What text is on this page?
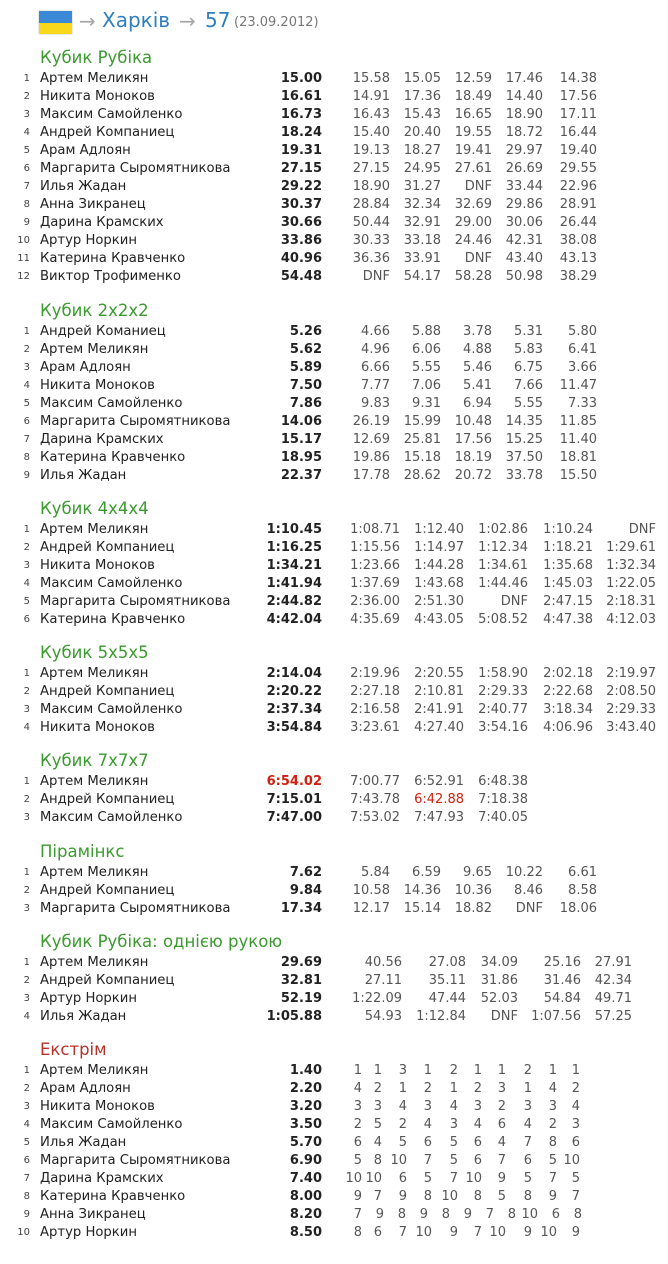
→ Харків → 57 (23.09.2012)
Кубик Рубіка
1 Артем Меликян	15.00 15.58 15.05 12.59 17.46 14.38
2 Никита Моноков	16.61 14.91 17.36 18.49 14.40 17.56
3 Максим Самойленко	16.73 16.43 15.43 16.65 18.90 17.11
4 Андрей Компаниец	18.24 15.40 20.40 19.55 18.72 16.44
5 Арам Адлоян	19.31 19.13 18.27 19.41 29.97 19.40
6 Маргарита Сыромятникова	27.15 27.15 24.95 27.61 26.69 29.55
7 Илья Жадан	29.22 18.90 31.27 DNF 33.44 22.96
8 Анна Зикранец	30.37 28.84 32.34 32.69 29.86 28.91
9 Дарина Крамских	30.66 50.44 32.91 29.00 30.06 26.44
10 Артур Норкин	33.86 30.33 33.18 24.46 42.31 38.08
11 Катерина Кравченко	40.96 36.36 33.91 DNF 43.40 43.13
12 Виктор Трофименко	54.48	DNF 54.17 58.28 50.98 38.29
Кубик 2х2х2
1 Андрей Команиец	5.26	4.66 5.88 3.78 5.31 5.80
2 Артем Меликян	5.62	4.96 6.06 4.88 5.83 6.41
3 Арам Адлоян	5.89	6.66 5.55 5.46 6.75 3.66
4 Никита Моноков	7.50	7.77 7.06 5.41 7.66 11.47
5 Максим Самойленко	7.86	9.83 9.31 6.94 5.55 7.33
6 Маргарита Сыромятникова	14.06 26.19 15.99 10.48 14.35 11.85
7 Дарина Крамских	15.17 12.69 25.81 17.56 15.25 11.40
8 Катерина Кравченко	18.95 19.86 15.18 18.19 37.50 18.81
9 Илья Жадан	22.37 17.78 28.62 20.72 33.78 15.50
Кубик 4х4х4
1 Артем Меликян	1:10.45 1:08.71 1:12.40 1:02.86 1:10.24	DNF
2 Андрей Компаниец	1:16.25 1:15.56 1:14.97 1:12.34 1:18.21 1:29.61
3 Никита Моноков	1:34.21 1:23.66 1:44.28 1:34.61 1:35.68 1:32.34
4 Максим Самойленко	1:41.94 1:37.69 1:43.68 1:44.46 1:45.03 1:22.05
5 Маргарита Сыромятникова	2:44.82 2:36.00 2:51.30	DNF 2:47.15 2:18.31
6 Катерина Кравченко	4:42.04 4:35.69 4:43.05 5:08.52 4:47.38 4:12.03
Кубик 5х5х5
1 Артем Меликян	2:14.04 2:19.96 2:20.55 1:58.90 2:02.18 2:19.97
2 Андрей Компаниец	2:20.22 2:27.18 2:10.81 2:29.33 2:22.68 2:08.50
3 Максим Самойленко	2:37.34 2:16.58 2:41.91 2:40.77 3:18.34 2:29.33
4 Никита Моноков	3:54.84 3:23.61 4:27.40 3:54.16 4:06.96 3:43.40
Кубик 7х7х7
1 Артем Меликян	6:54.02 7:00.77 6:52.91 6:48.38
2 Андрей Компаниец	7:15.01 7:43.78 6:42.88 7:18.38
3 Максим Самойленко	7:47.00 7:53.02 7:47.93 7:40.05
Пірамінкс
1 Артем Меликян	7.62	5.84 6.59 9.65 10.22 6.61
2 Андрей Компаниец	9.84 10.58 14.36 10.36 8.46 8.58
3 Маргарита Сыромятникова	17.34 12.17 15.14 18.82 DNF 18.06
Кубик Рубіка: однією рукою
1 Артем Меликян	29.69	40.56 27.08 34.09 25.16 27.91
2 Андрей Компаниец	32.81	27.11 35.11 31.86 31.46 42.34
3 Артур Норкин	52.19 1:22.09 47.44 52.03 54.84 49.71
4 Илья Жадан	1:05.88	54.93 1:12.84 DNF 1:07.56 57.25
Екстрім
1 Артем Меликян	1.40 1 1 3 1 2 1 1 2 1 1
2 Арам Адлоян	2.20 4 2 1 2 1 2 3 1 4 2
3 Никита Моноков	3.20 3 3 4 3 4 3 2 3 3 4
4 Максим Самойленко	3.50 2 5 2 4 3 4 6 4 2 3
5 Илья Жадан	5.70 6 4 5 6 5 6 4 7 8 6
6 Маргарита Сыромятникова	6.90 5 8 10 7 5 6 7 6 5 10
7 Дарина Крамских	7.40 10 10 6 5 7 10 9 5 7 5
8 Катерина Кравченко	8.00 9 7 9 8 10 8 5 8 9 7
9 Анна Зикранец	8.20 7 9 8 9 8 9 7 8 10 6 8
10 Артур Норкин	8.50 8 6 7 10 9 7 10 9 10 9
